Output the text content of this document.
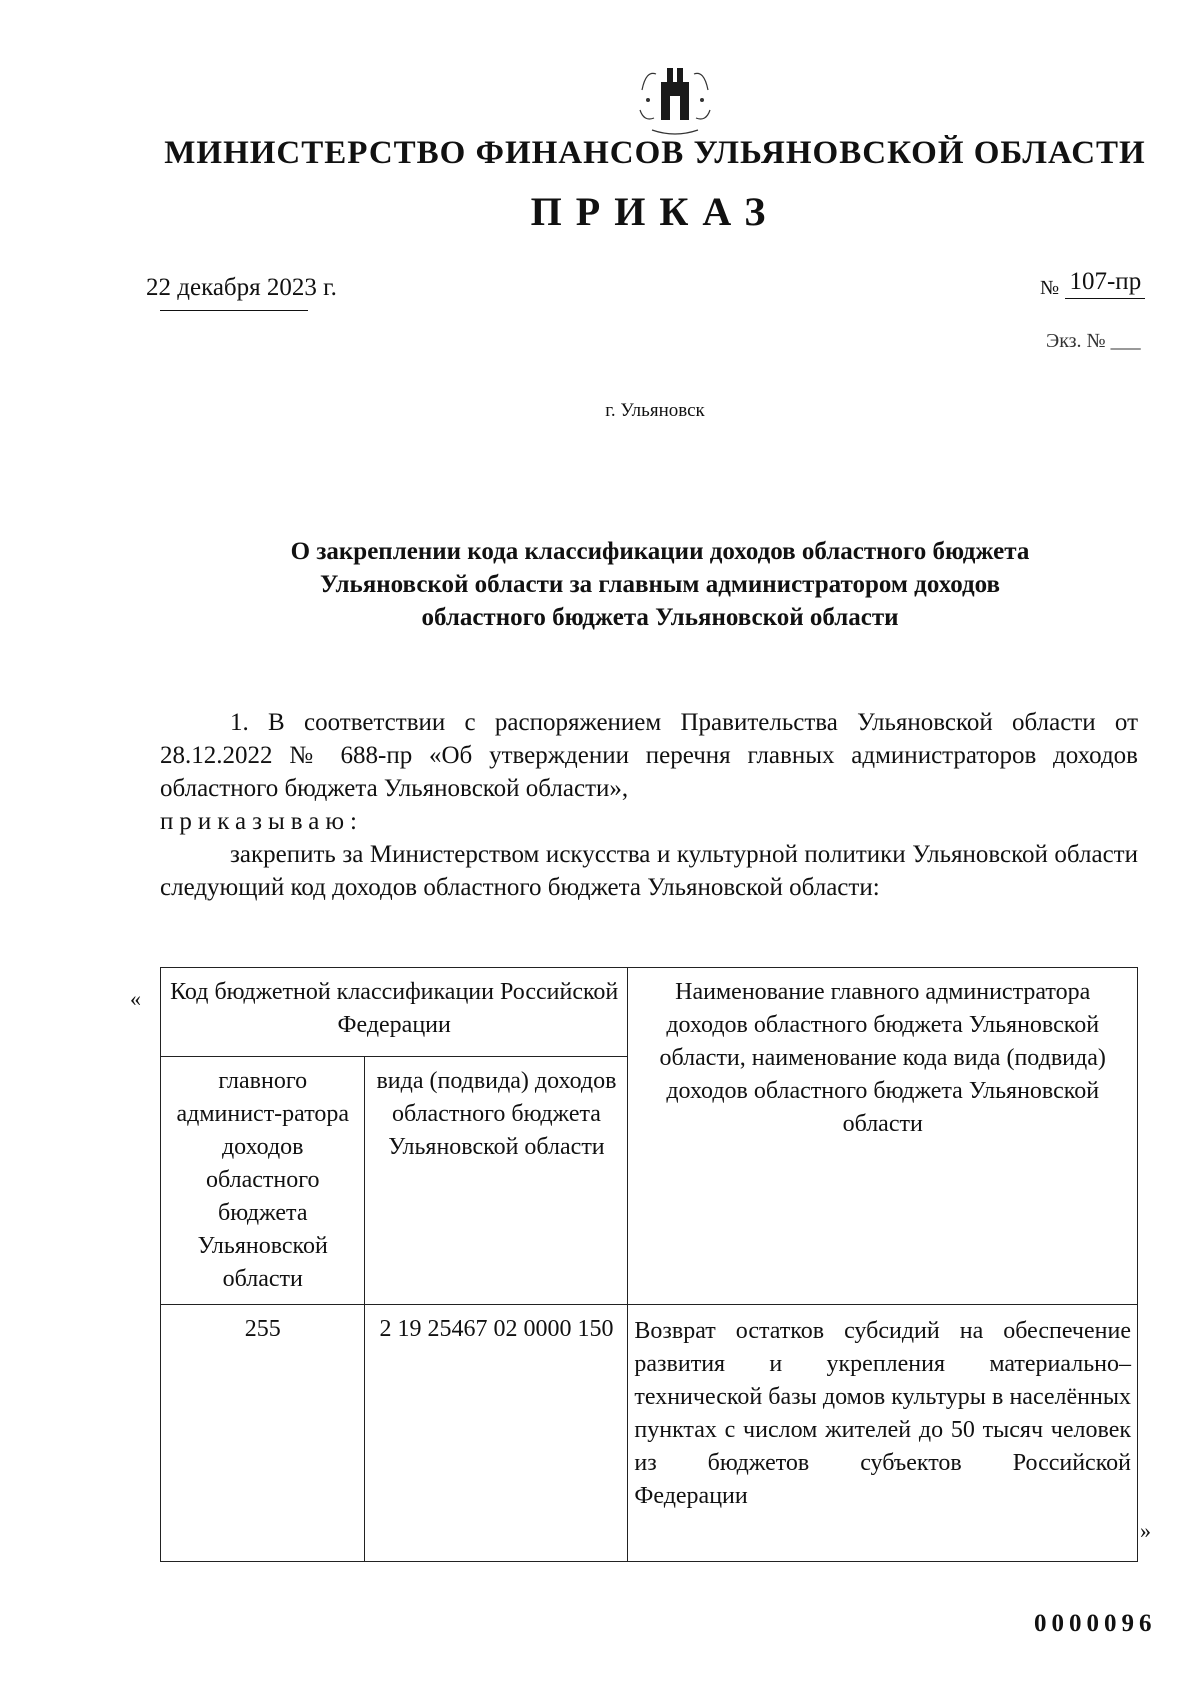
МИНИСТЕРСТВО ФИНАНСОВ УЛЬЯНОВСКОЙ ОБЛАСТИ
ПРИКАЗ
22 декабря 2023 г.	$_№$ 107-пр
Экз. № ___
г. Ульяновск
О закреплении кода классификации доходов областного бюджета
Ульяновской области за главным администратором доходов
областного бюджета Ульяновской области

1. В соответствии с распоряжением Правительства Ульяновской области от 28.12.2022 № 688-пр «Об утверждении перечня главных администраторов доходов областного бюджета Ульяновской области»,

приказываю:

закрепить за Министерством искусства и культурной политики Ульяновской области следующий код доходов областного бюджета Ульяновской области:

« Код бюджетной классификации Российской Федерации		Наименование главного администратора доходов областного бюджета Ульяновской области, наименование кода вида (подвида) доходов областного бюджета Ульяновской области
главного админист-ратора доходов областного бюджета Ульяновской области	вида (подвида) доходов областного бюджета Ульяновской области	
255	2 19 25467 02 0000 150	Возврат остатков субсидий на обеспечение развития и укрепления материально–технической базы домов культуры в населённых пунктах с числом жителей до 50 тысяч человек из бюджетов субъектов Российской
Федерации
»
0000096
